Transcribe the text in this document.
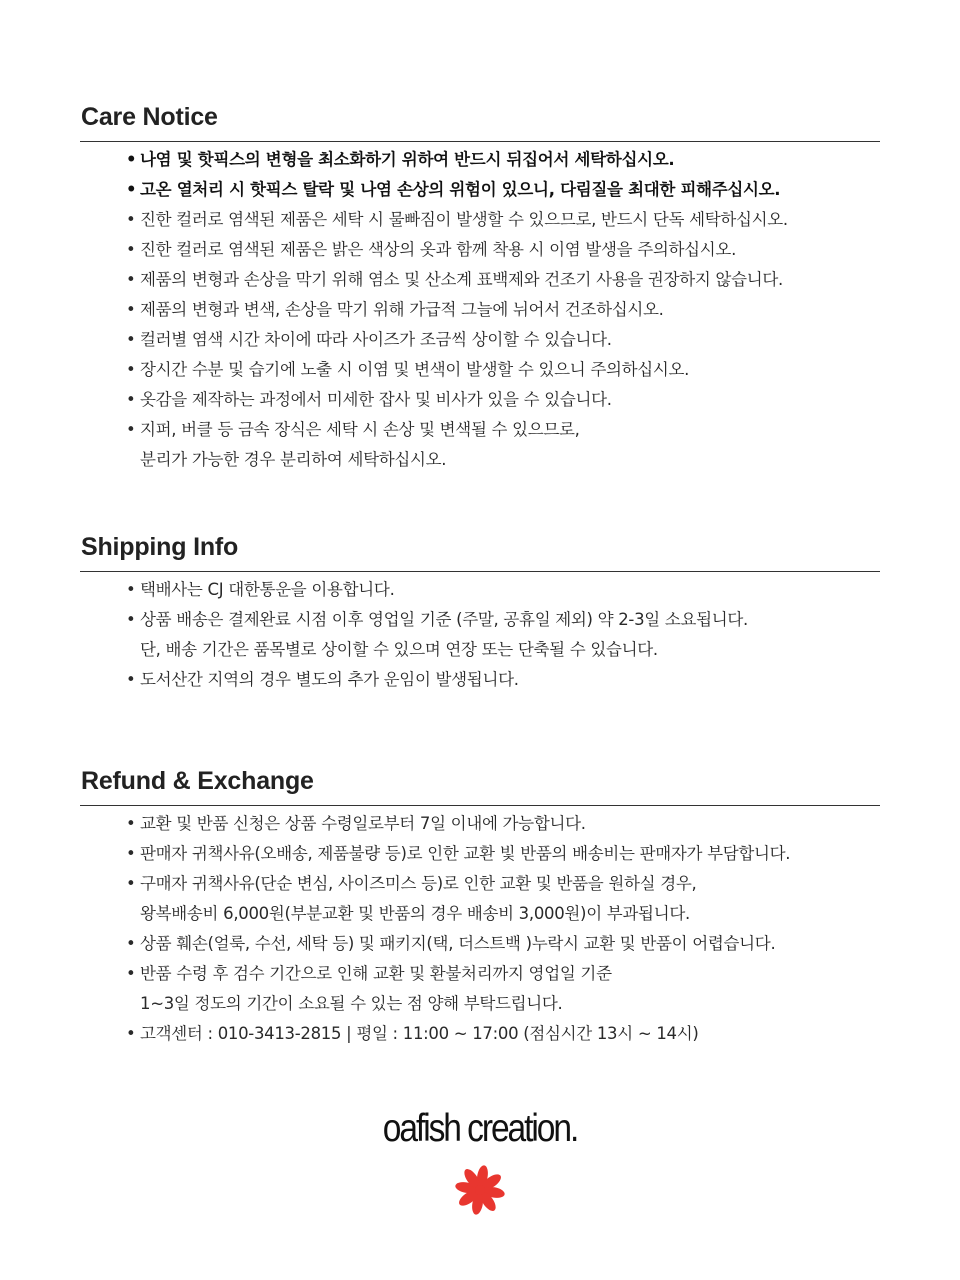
Care Notice
• 나염 및 핫픽스의 변형을 최소화하기 위하여 반드시 뒤집어서 세탁하십시오.
• 고온 열처리 시 핫픽스 탈락 및 나염 손상의 위험이 있으니, 다림질을 최대한 피해주십시오.
• 진한 컬러로 염색된 제품은 세탁 시 물빠짐이 발생할 수 있으므로, 반드시 단독 세탁하십시오.
• 진한 컬러로 염색된 제품은 밝은 색상의 옷과 함께 착용 시 이염 발생을 주의하십시오.
• 제품의 변형과 손상을 막기 위해 염소 및 산소계 표백제와 건조기 사용을 권장하지 않습니다.
• 제품의 변형과 변색, 손상을 막기 위해 가급적 그늘에 뉘어서 건조하십시오.
• 컬러별 염색 시간 차이에 따라 사이즈가 조금씩 상이할 수 있습니다.
• 장시간 수분 및 습기에 노출 시 이염 및 변색이 발생할 수 있으니 주의하십시오.
• 옷감을 제작하는 과정에서 미세한 잡사 및 비사가 있을 수 있습니다.
• 지퍼, 버클 등 금속 장식은 세탁 시 손상 및 변색될 수 있으므로,
분리가 가능한 경우 분리하여 세탁하십시오.
Shipping Info
• 택배사는 CJ 대한통운을 이용합니다.
• 상품 배송은 결제완료 시점 이후 영업일 기준 (주말, 공휴일 제외) 약 2-3일 소요됩니다.
단, 배송 기간은 품목별로 상이할 수 있으며 연장 또는 단축될 수 있습니다.
• 도서산간 지역의 경우 별도의 추가 운임이 발생됩니다.
Refund & Exchange
• 교환 및 반품 신청은 상품 수령일로부터 7일 이내에 가능합니다.
• 판매자 귀책사유(오배송, 제품불량 등)로 인한 교환 빛 반품의 배송비는 판매자가 부담합니다.
• 구매자 귀책사유(단순 변심, 사이즈미스 등)로 인한 교환 및 반품을 원하실 경우,
왕복배송비 6,000원(부분교환 및 반품의 경우 배송비 3,000원)이 부과됩니다.
• 상품 훼손(얼룩, 수선, 세탁 등) 및 패키지(택, 더스트백 )누락시 교환 및 반품이 어렵습니다.
• 반품 수령 후 검수 기간으로 인해 교환 및 환불처리까지 영업일 기준
1~3일 정도의 기간이 소요될 수 있는 점 양해 부탁드립니다.
• 고객센터 : 010-3413-2815 | 평일 : 11:00 ~ 17:00 (점심시간 13시 ~ 14시)
oafish creation.
